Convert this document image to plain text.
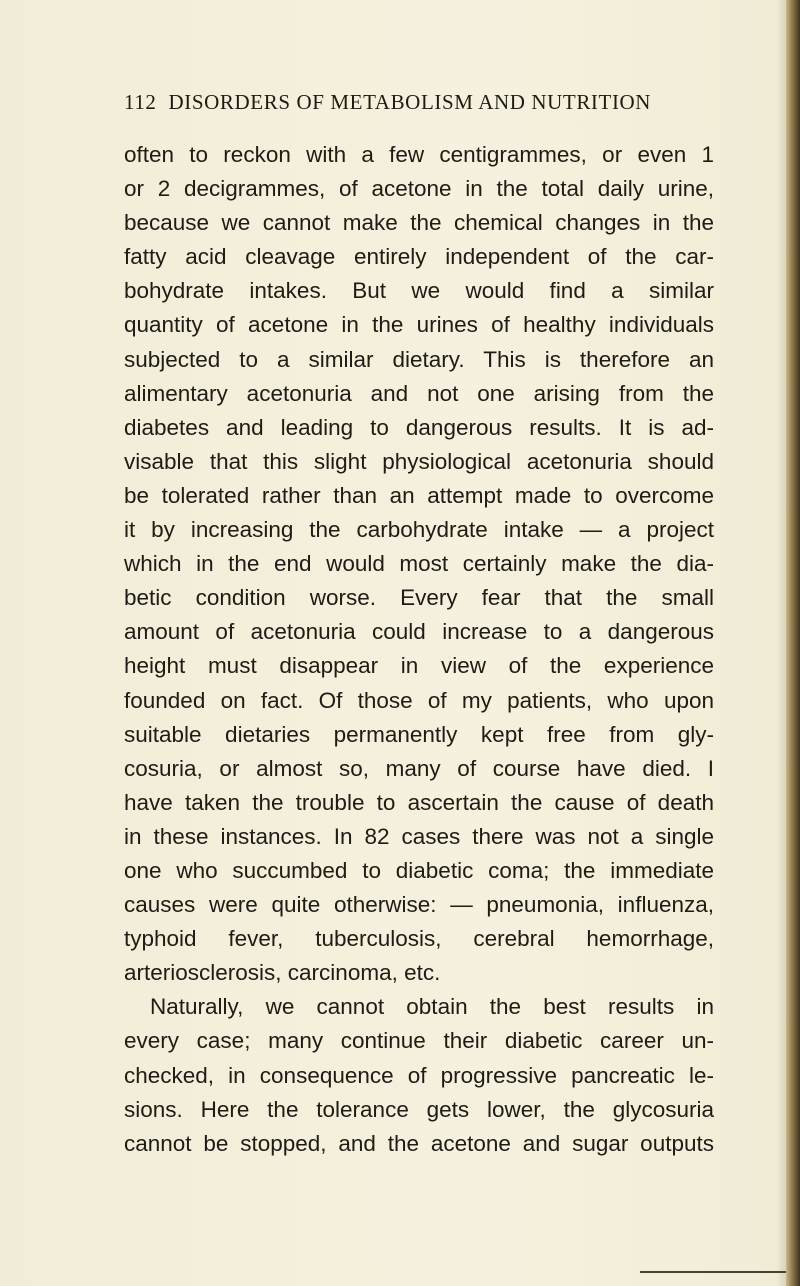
112 DISORDERS OF METABOLISM AND NUTRITION
often to reckon with a few centigrammes, or even 1
or 2 decigrammes, of acetone in the total daily urine,
because we cannot make the chemical changes in the
fatty acid cleavage entirely independent of the car-
bohydrate intakes. But we would find a similar
quantity of acetone in the urines of healthy individuals
subjected to a similar dietary. This is therefore an
alimentary acetonuria and not one arising from the
diabetes and leading to dangerous results. It is ad-
visable that this slight physiological acetonuria should
be tolerated rather than an attempt made to overcome
it by increasing the carbohydrate intake — a project
which in the end would most certainly make the dia-
betic condition worse. Every fear that the small
amount of acetonuria could increase to a dangerous
height must disappear in view of the experience
founded on fact. Of those of my patients, who upon
suitable dietaries permanently kept free from gly-
cosuria, or almost so, many of course have died. I
have taken the trouble to ascertain the cause of death
in these instances. In 82 cases there was not a single
one who succumbed to diabetic coma; the immediate
causes were quite otherwise: — pneumonia, influenza,
typhoid fever, tuberculosis, cerebral hemorrhage,
arteriosclerosis, carcinoma, etc.
Naturally, we cannot obtain the best results in
every case; many continue their diabetic career un-
checked, in consequence of progressive pancreatic le-
sions. Here the tolerance gets lower, the glycosuria
cannot be stopped, and the acetone and sugar outputs
